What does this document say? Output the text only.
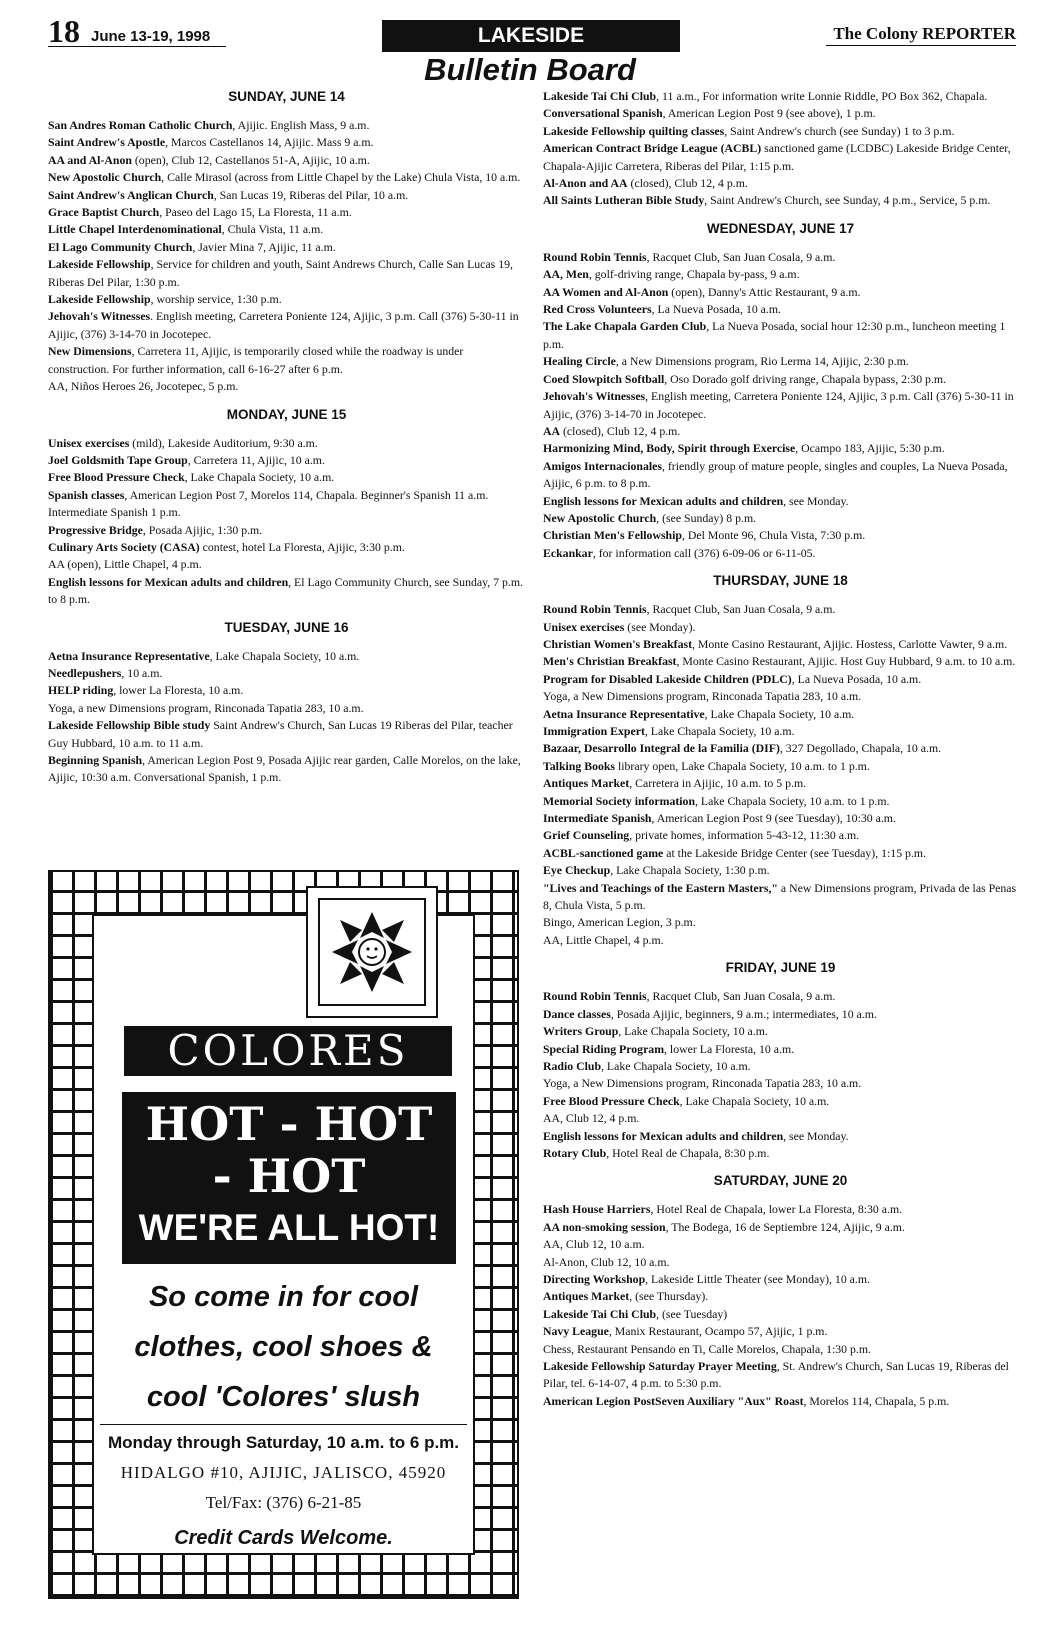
18 June 13-19, 1998	LAKESIDE	The Colony REPORTER
Bulletin Board
SUNDAY, JUNE 14

San Andres Roman Catholic Church, Ajijic. English Mass, 9 a.m.

Saint Andrew's Apostle, Marcos Castellanos 14, Ajijic. Mass 9 a.m.

AA and Al-Anon (open), Club 12, Castellanos 51-A, Ajijic, 10 a.m.

New Apostolic Church, Calle Mirasol (across from Little Chapel by the Lake) Chula Vista, 10 a.m.

Saint Andrew's Anglican Church, San Lucas 19, Riberas del Pilar, 10 a.m.

Grace Baptist Church, Paseo del Lago 15, La Floresta, 11 a.m.

Little Chapel Interdenominational, Chula Vista, 11 a.m.

El Lago Community Church, Javier Mina 7, Ajijic, 11 a.m.

Lakeside Fellowship, Service for children and youth, Saint Andrews Church, Calle San Lucas 19, Riberas Del Pilar, 1:30 p.m.

Lakeside Fellowship, worship service, 1:30 p.m.

Jehovah's Witnesses. English meeting, Carretera Poniente 124, Ajijic, 3 p.m. Call (376) 5-30-11 in Ajijic, (376) 3-14-70 in Jocotepec.

New Dimensions, Carretera 11, Ajijic, is temporarily closed while the roadway is under construction. For further information, call 6-16-27 after 6 p.m.

AA, Niños Heroes 26, Jocotepec, 5 p.m.

MONDAY, JUNE 15

Unisex exercises (mild), Lakeside Auditorium, 9:30 a.m.

Joel Goldsmith Tape Group, Carretera 11, Ajijic, 10 a.m.

Free Blood Pressure Check, Lake Chapala Society, 10 a.m.

Spanish classes, American Legion Post 7, Morelos 114, Chapala. Beginner's Spanish 11 a.m. Intermediate Spanish 1 p.m.

Progressive Bridge, Posada Ajijic, 1:30 p.m.

Culinary Arts Society (CASA) contest, hotel La Floresta, Ajijic, 3:30 p.m.

AA (open), Little Chapel, 4 p.m.

English lessons for Mexican adults and children, El Lago Community Church, see Sunday, 7 p.m. to 8 p.m.

TUESDAY, JUNE 16

Aetna Insurance Representative, Lake Chapala Society, 10 a.m.

Needlepushers, 10 a.m.

HELP riding, lower La Floresta, 10 a.m.

Yoga, a new Dimensions program, Rinconada Tapatia 283, 10 a.m.

Lakeside Fellowship Bible study Saint Andrew's Church, San Lucas 19 Riberas del Pilar, teacher Guy Hubbard, 10 a.m. to 11 a.m.

Beginning Spanish, American Legion Post 9, Posada Ajijic rear garden, Calle Morelos, on the lake, Ajijic, 10:30 a.m. Conversational Spanish, 1 p.m.

Lakeside Tai Chi Club, 11 a.m., For information write Lonnie Riddle, PO Box 362, Chapala.

Conversational Spanish, American Legion Post 9 (see above), 1 p.m.

Lakeside Fellowship quilting classes, Saint Andrew's church (see Sunday) 1 to 3 p.m.

American Contract Bridge League (ACBL) sanctioned game (LCDBC) Lakeside Bridge Center, Chapala-Ajijic Carretera, Riberas del Pilar, 1:15 p.m.

Al-Anon and AA (closed), Club 12, 4 p.m.

All Saints Lutheran Bible Study, Saint Andrew's Church, see Sunday, 4 p.m., Service, 5 p.m.

WEDNESDAY, JUNE 17

Round Robin Tennis, Racquet Club, San Juan Cosala, 9 a.m.

AA, Men, golf-driving range, Chapala by-pass, 9 a.m.

AA Women and Al-Anon (open), Danny's Attic Restaurant, 9 a.m.

Red Cross Volunteers, La Nueva Posada, 10 a.m.

The Lake Chapala Garden Club, La Nueva Posada, social hour 12:30 p.m., luncheon meeting 1 p.m.

Healing Circle, a New Dimensions program, Rio Lerma 14, Ajijic, 2:30 p.m.

Coed Slowpitch Softball, Oso Dorado golf driving range, Chapala bypass, 2:30 p.m.

Jehovah's Witnesses, English meeting, Carretera Poniente 124, Ajijic, 3 p.m. Call (376) 5-30-11 in Ajijic, (376) 3-14-70 in Jocotepec.

AA (closed), Club 12, 4 p.m.

Harmonizing Mind, Body, Spirit through Exercise, Ocampo 183, Ajijic, 5:30 p.m.

Amigos Internacionales, friendly group of mature people, singles and couples, La Nueva Posada, Ajijic, 6 p.m. to 8 p.m.

English lessons for Mexican adults and children, see Monday.

New Apostolic Church, (see Sunday) 8 p.m.

Christian Men's Fellowship, Del Monte 96, Chula Vista, 7:30 p.m.

Eckankar, for information call (376) 6-09-06 or 6-11-05.

THURSDAY, JUNE 18

Round Robin Tennis, Racquet Club, San Juan Cosala, 9 a.m.

Unisex exercises (see Monday).

Christian Women's Breakfast, Monte Casino Restaurant, Ajijic. Hostess, Carlotte Vawter, 9 a.m.

Men's Christian Breakfast, Monte Casino Restaurant, Ajijic. Host Guy Hubbard, 9 a.m. to 10 a.m.

Program for Disabled Lakeside Children (PDLC), La Nueva Posada, 10 a.m.

Yoga, a New Dimensions program, Rinconada Tapatia 283, 10 a.m.

Aetna Insurance Representative, Lake Chapala Society, 10 a.m.

Immigration Expert, Lake Chapala Society, 10 a.m.

Bazaar, Desarrollo Integral de la Familia (DIF), 327 Degollado, Chapala, 10 a.m.

Talking Books library open, Lake Chapala Society, 10 a.m. to 1 p.m.

Antiques Market, Carretera in Ajijic, 10 a.m. to 5 p.m.

Memorial Society information, Lake Chapala Society, 10 a.m. to 1 p.m.

Intermediate Spanish, American Legion Post 9 (see Tuesday), 10:30 a.m.

Grief Counseling, private homes, information 5-43-12, 11:30 a.m.

ACBL-sanctioned game at the Lakeside Bridge Center (see Tuesday), 1:15 p.m.

Eye Checkup, Lake Chapala Society, 1:30 p.m.

"Lives and Teachings of the Eastern Masters," a New Dimensions program, Privada de las Penas 8, Chula Vista, 5 p.m.

Bingo, American Legion, 3 p.m.

AA, Little Chapel, 4 p.m.

FRIDAY, JUNE 19

Round Robin Tennis, Racquet Club, San Juan Cosala, 9 a.m.

Dance classes, Posada Ajijic, beginners, 9 a.m.; intermediates, 10 a.m.

Writers Group, Lake Chapala Society, 10 a.m.

Special Riding Program, lower La Floresta, 10 a.m.

Radio Club, Lake Chapala Society, 10 a.m.

Yoga, a New Dimensions program, Rinconada Tapatia 283, 10 a.m.

Free Blood Pressure Check, Lake Chapala Society, 10 a.m.

AA, Club 12, 4 p.m.

English lessons for Mexican adults and children, see Monday.

Rotary Club, Hotel Real de Chapala, 8:30 p.m.

SATURDAY, JUNE 20

Hash House Harriers, Hotel Real de Chapala, lower La Floresta, 8:30 a.m.

AA non-smoking session, The Bodega, 16 de Septiembre 124, Ajijic, 9 a.m.

AA, Club 12, 10 a.m.

Al-Anon, Club 12, 10 a.m.

Directing Workshop, Lakeside Little Theater (see Monday), 10 a.m.

Antiques Market, (see Thursday).

Lakeside Tai Chi Club, (see Tuesday)

Navy League, Manix Restaurant, Ocampo 57, Ajijic, 1 p.m.

Chess, Restaurant Pensando en Ti, Calle Morelos, Chapala, 1:30 p.m.

Lakeside Fellowship Saturday Prayer Meeting, St. Andrew's Church, San Lucas 19, Riberas del Pilar, tel. 6-14-07, 4 p.m. to 5:30 p.m.

American Legion PostSeven Auxiliary "Aux" Roast, Morelos 114, Chapala, 5 p.m.

COLORES
HOT - HOT
- HOT
WE'RE ALL HOT!
So come in for cool
clothes, cool shoes &
cool 'Colores' slush
Monday through Saturday, 10 a.m. to 6 p.m.
HIDALGO #10, AJIJIC, JALISCO, 45920
Tel/Fax: (376) 6-21-85
Credit Cards Welcome.
